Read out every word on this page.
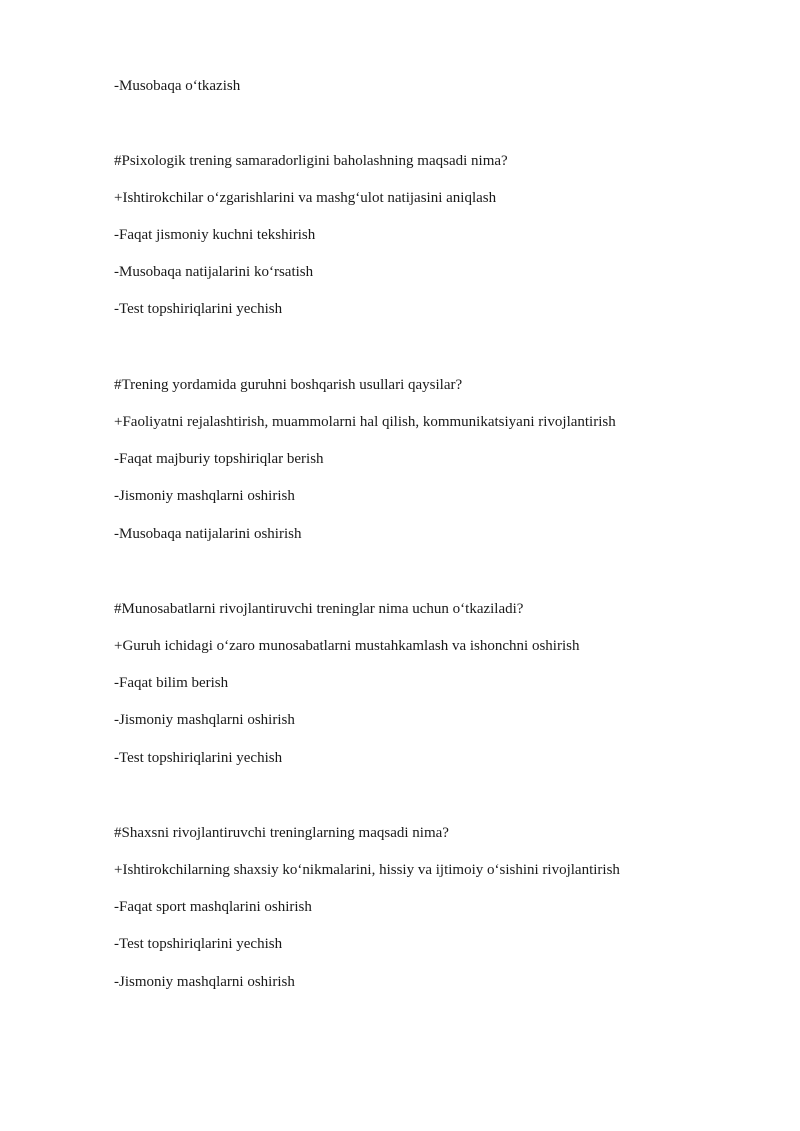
-Musobaqa o‘tkazish

#Psixologik trening samaradorligini baholashning maqsadi nima?

+Ishtirokchilar o‘zgarishlarini va mashg‘ulot natijasini aniqlash

-Faqat jismoniy kuchni tekshirish

-Musobaqa natijalarini ko‘rsatish

-Test topshiriqlarini yechish

#Trening yordamida guruhni boshqarish usullari qaysilar?

+Faoliyatni rejalashtirish, muammolarni hal qilish, kommunikatsiyani rivojlantirish

-Faqat majburiy topshiriqlar berish

-Jismoniy mashqlarni oshirish

-Musobaqa natijalarini oshirish

#Munosabatlarni rivojlantiruvchi treninglar nima uchun o‘tkaziladi?

+Guruh ichidagi o‘zaro munosabatlarni mustahkamlash va ishonchni oshirish

-Faqat bilim berish

-Jismoniy mashqlarni oshirish

-Test topshiriqlarini yechish

#Shaxsni rivojlantiruvchi treninglarning maqsadi nima?

+Ishtirokchilarning shaxsiy ko‘nikmalarini, hissiy va ijtimoiy o‘sishini rivojlantirish

-Faqat sport mashqlarini oshirish

-Test topshiriqlarini yechish

-Jismoniy mashqlarni oshirish
